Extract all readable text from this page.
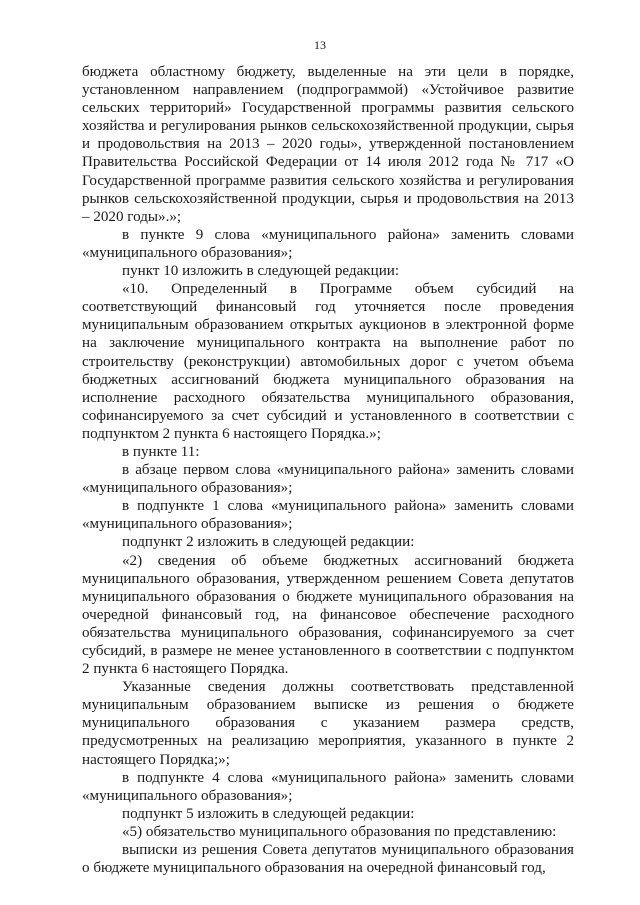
13

бюджета областному бюджету, выделенные на эти цели в порядке, установленном направлением (подпрограммой) «Устойчивое развитие сельских территорий» Государственной программы развития сельского хозяйства и регулирования рынков сельскохозяйственной продукции, сырья и продовольствия на 2013 – 2020 годы», утвержденной постановлением Правительства Российской Федерации от 14 июля 2012 года № 717 «О Государственной программе развития сельского хозяйства и регулирования рынков сельскохозяйственной продукции, сырья и продовольствия на 2013 – 2020 годы».»;

в пункте 9 слова «муниципального района» заменить словами «муниципального образования»;

пункт 10 изложить в следующей редакции:

«10. Определенный в Программе объем субсидий на соответствующий финансовый год уточняется после проведения муниципальным образованием открытых аукционов в электронной форме на заключение муниципального контракта на выполнение работ по строительству (реконструкции) автомобильных дорог с учетом объема бюджетных ассигнований бюджета муниципального образования на исполнение расходного обязательства муниципального образования, софинансируемого за счет субсидий и установленного в соответствии с подпунктом 2 пункта 6 настоящего Порядка.»;

в пункте 11:

в абзаце первом слова «муниципального района» заменить словами «муниципального образования»;

в подпункте 1 слова «муниципального района» заменить словами «муниципального образования»;

подпункт 2 изложить в следующей редакции:

«2) сведения об объеме бюджетных ассигнований бюджета муниципального образования, утвержденном решением Совета депутатов муниципального образования о бюджете муниципального образования на очередной финансовый год, на финансовое обеспечение расходного обязательства муниципального образования, софинансируемого за счет субсидий, в размере не менее установленного в соответствии с подпунктом 2 пункта 6 настоящего Порядка.

Указанные сведения должны соответствовать представленной муниципальным образованием выписке из решения о бюджете муниципального образования с указанием размера средств, предусмотренных на реализацию мероприятия, указанного в пункте 2 настоящего Порядка;»;

в подпункте 4 слова «муниципального района» заменить словами «муниципального образования»;

подпункт 5 изложить в следующей редакции:

«5) обязательство муниципального образования по представлению:

выписки из решения Совета депутатов муниципального образования о бюджете муниципального образования на очередной финансовый год,
